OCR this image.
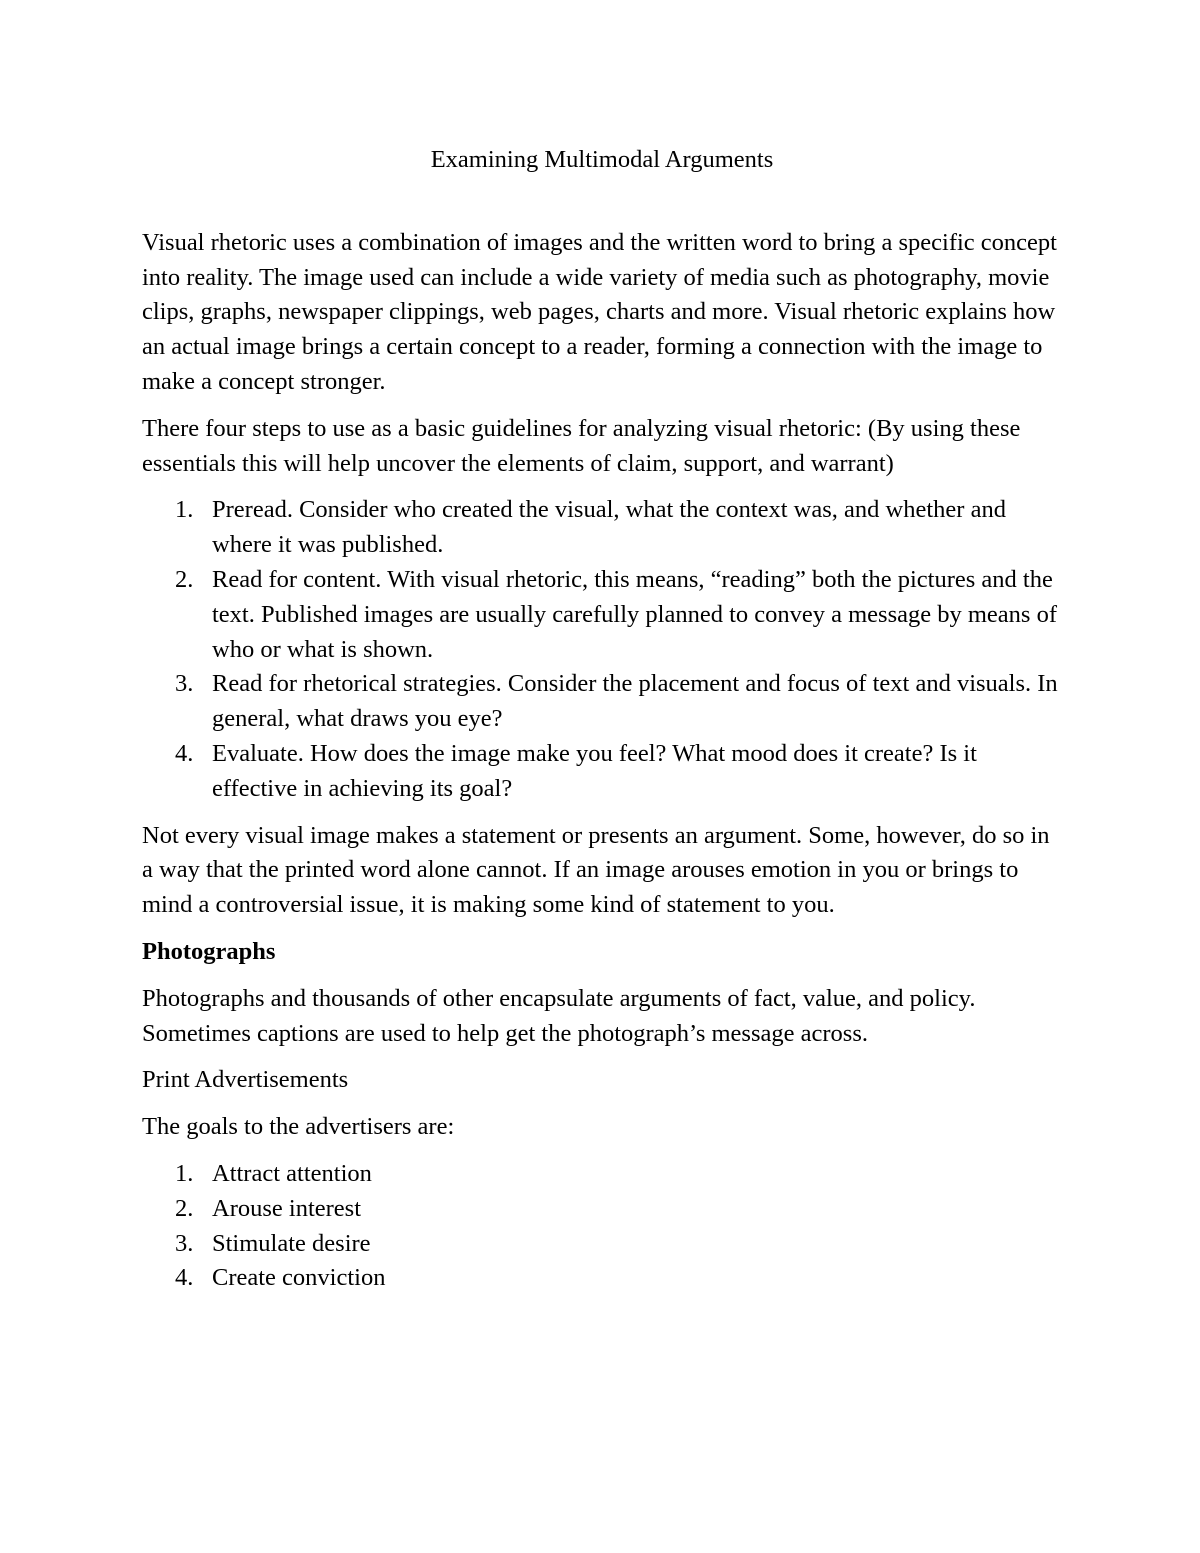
Examining Multimodal Arguments

Visual rhetoric uses a combination of images and the written word to bring a specific concept into reality. The image used can include a wide variety of media such as photography, movie clips, graphs, newspaper clippings, web pages, charts and more. Visual rhetoric explains how an actual image brings a certain concept to a reader, forming a connection with the image to make a concept stronger.

There four steps to use as a basic guidelines for analyzing visual rhetoric: (By using these essentials this will help uncover the elements of claim, support, and warrant)

1. Preread. Consider who created the visual, what the context was, and whether and where it was published.
2. Read for content. With visual rhetoric, this means, “reading” both the pictures and the text. Published images are usually carefully planned to convey a message by means of who or what is shown.
3. Read for rhetorical strategies. Consider the placement and focus of text and visuals. In general, what draws you eye?
4. Evaluate. How does the image make you feel? What mood does it create? Is it effective in achieving its goal?

Not every visual image makes a statement or presents an argument. Some, however, do so in a way that the printed word alone cannot. If an image arouses emotion in you or brings to mind a controversial issue, it is making some kind of statement to you.

Photographs

Photographs and thousands of other encapsulate arguments of fact, value, and policy. Sometimes captions are used to help get the photograph’s message across.

Print Advertisements

The goals to the advertisers are:

1. Attract attention
2. Arouse interest
3. Stimulate desire
4. Create conviction
